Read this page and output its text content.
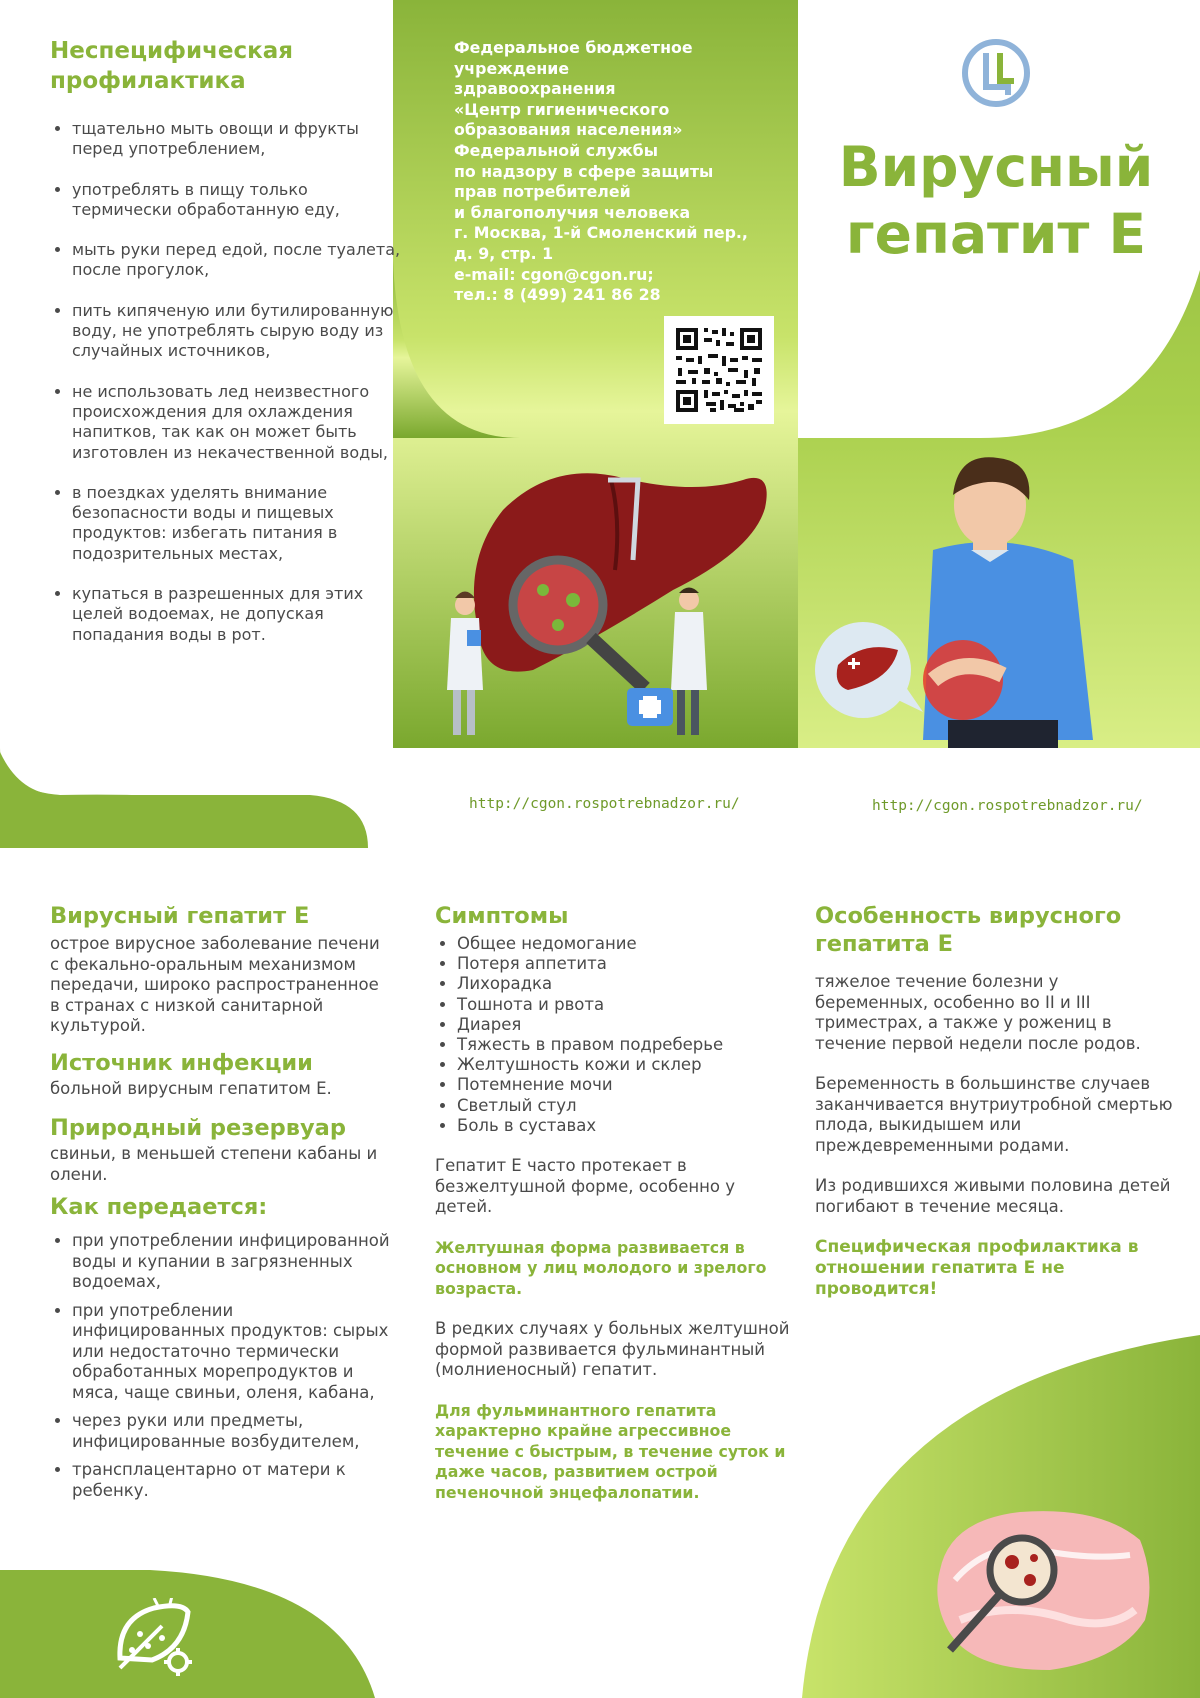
Неспецифическая профилактика
• тщательно мыть овощи и фрукты перед употреблением,
• употреблять в пищу только термически обработанную еду,
• мыть руки перед едой, после туалета, после прогулок,
• пить кипяченую или бутилированную воду, не употреблять сырую воду из случайных источников,
• не использовать лед неизвестного происхождения для охлаждения напитков, так как он может быть изготовлен из некачественной воды,
• в поездках уделять внимание безопасности воды и пищевых продуктов: избегать питания в подозрительных местах,
• купаться в разрешенных для этих целей водоемах, не допуская попадания воды в рот.
Федеральное бюджетное
учреждение
здравоохранения
«Центр гигиенического
образования населения»
Федеральной службы
по надзору в сфере защиты
прав потребителей
и благополучия человека
г. Москва, 1-й Смоленский пер.,
д. 9, стр. 1
e-mail: cgon@cgon.ru;
тел.: 8 (499) 241 86 28
Вирусный
гепатит Е
http://cgon.rospotrebnadzor.ru/	http://cgon.rospotrebnadzor.ru/
Вирусный гепатит Е
острое вирусное заболевание печени с фекально-оральным механизмом передачи, широко распространенное в странах с низкой санитарной культурой.
Источник инфекции
больной вирусным гепатитом Е.
Природный резервуар
свиньи, в меньшей степени кабаны и олени.
Как передается:
• при употреблении инфицированной воды и купании в загрязненных водоемах,
• при употреблении инфицированных продуктов: сырых или недостаточно термически обработанных морепродуктов и мяса, чаще свиньи, оленя, кабана,
• через руки или предметы, инфицированные возбудителем,
• трансплацентарно от матери к ребенку.
Симптомы
• Общее недомогание
• Потеря аппетита
• Лихорадка
• Тошнота и рвота
• Диарея
• Тяжесть в правом подреберье
• Желтушность кожи и склер
• Потемнение мочи
• Светлый стул
• Боль в суставах
Гепатит Е часто протекает в безжелтушной форме, особенно у детей.
Желтушная форма развивается в основном у лиц молодого и зрелого возраста.
В редких случаях у больных желтушной формой развивается фульминантный (молниеносный) гепатит.
Для фульминантного гепатита характерно крайне агрессивное течение с быстрым, в течение суток и даже часов, развитием острой печеночной энцефалопатии.
Особенность вирусного гепатита Е
тяжелое течение болезни у беременных, особенно во II и III триместрах, а также у рожениц в течение первой недели после родов.
Беременность в большинстве случаев заканчивается внутриутробной смертью плода, выкидышем или преждевременными родами.
Из родившихся живыми половина детей погибают в течение месяца.
Специфическая профилактика в отношении гепатита Е не проводится!
